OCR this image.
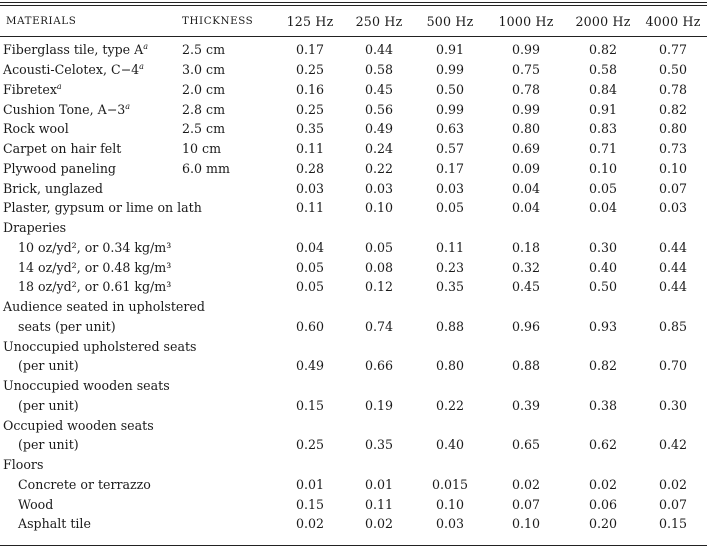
MATERIALS	THICKNESS	125 Hz	250 Hz	500 Hz	1000 Hz	2000 Hz	4000 Hz
Fiberglass tile, type $A^a$	2.5 cm	0.17	0.44	0.91	0.99	0.82	0.77
Acousti-Celotex, $C-4^a$	3.0 cm	0.25	0.58	0.99	0.75	0.58	0.50
Fibretex$^a$	2.0 cm	0.16	0.45	0.50	0.78	0.84	0.78
Cushion Tone, $A-3^a$	2.8 cm	0.25	0.56	0.99	0.99	0.91	0.82
Rock wool	2.5 cm	0.35	0.49	0.63	0.80	0.83	0.80
Carpet on hair felt	10 cm	0.11	0.24	0.57	0.69	0.71	0.73
Plywood paneling	6.0 mm	0.28	0.22	0.17	0.09	0.10	0.10
Brick, unglazed		0.03	0.03	0.03	0.04	0.05	0.07
Plaster, gypsum or lime on lath		0.11	0.10	0.05	0.04	0.04	0.03
Draperies							
10 oz/yd², or 0.34 kg/m³		0.04	0.05	0.11	0.18	0.30	0.44
14 oz/yd², or 0.48 kg/m³		0.05	0.08	0.23	0.32	0.40	0.44
18 oz/yd², or 0.61 kg/m³		0.05	0.12	0.35	0.45	0.50	0.44
Audience seated in upholstered							
seats (per unit)		0.60	0.74	0.88	0.96	0.93	0.85
Unoccupied upholstered seats							
(per unit)		0.49	0.66	0.80	0.88	0.82	0.70
Unoccupied wooden seats							
(per unit)		0.15	0.19	0.22	0.39	0.38	0.30
Occupied wooden seats							
(per unit)		0.25	0.35	0.40	0.65	0.62	0.42
Floors							
Concrete or terrazzo		0.01	0.01	0.015	0.02	0.02	0.02
Wood		0.15	0.11	0.10	0.07	0.06	0.07
Asphalt tile		0.02	0.02	0.03	0.10	0.20	0.15
